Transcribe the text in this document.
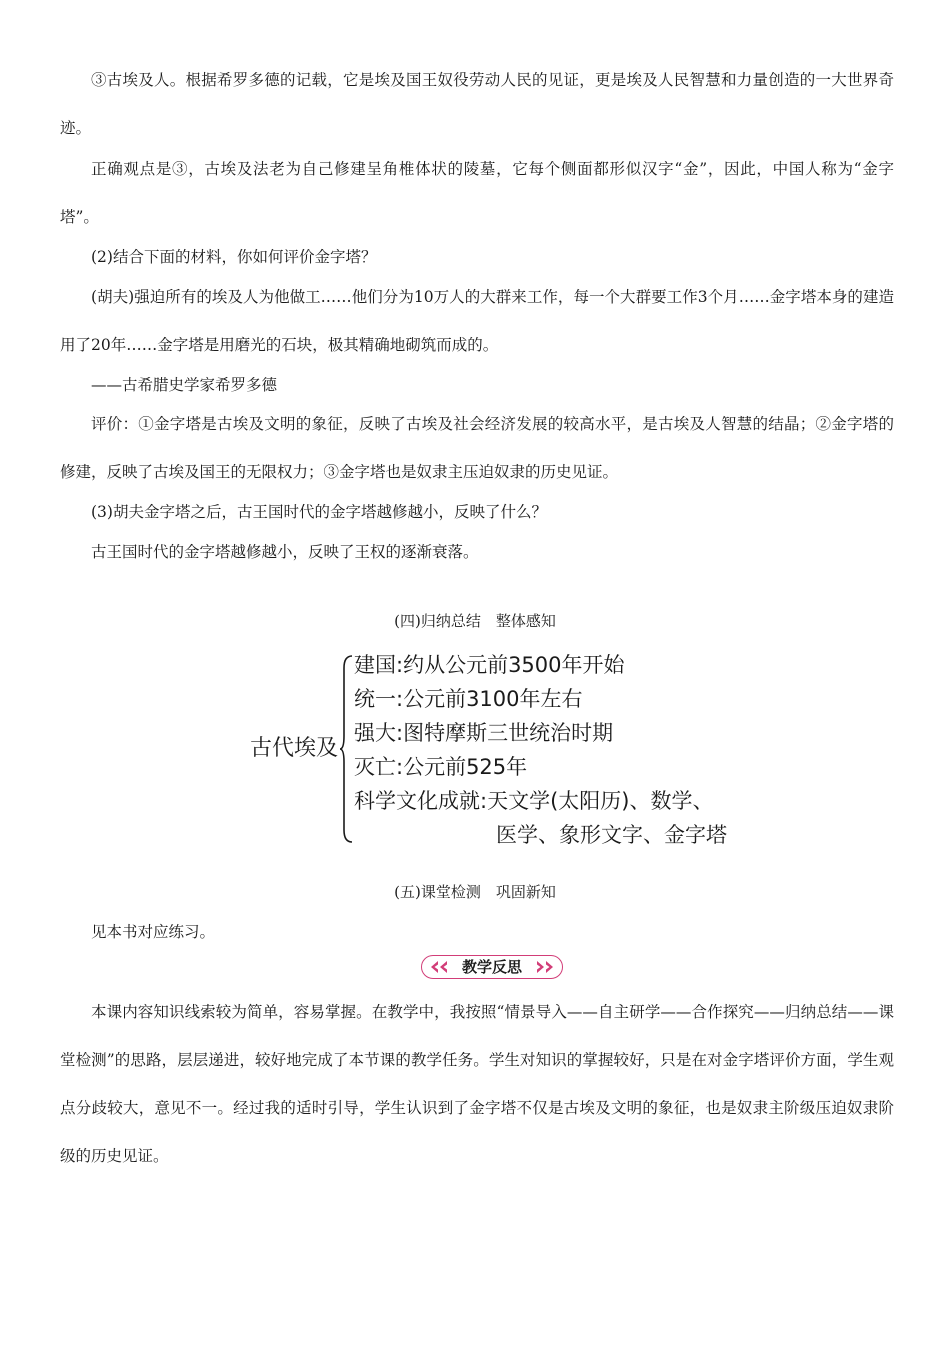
③古埃及人。根据希罗多德的记载，它是埃及国王奴役劳动人民的见证，更是埃及人民智慧和力量创造的一大世界奇迹。

正确观点是③，古埃及法老为自己修建呈角椎体状的陵墓，它每个侧面都形似汉字“金”，因此，中国人称为“金字塔”。

(2)结合下面的材料，你如何评价金字塔？

(胡夫)强迫所有的埃及人为他做工……他们分为10万人的大群来工作，每一个大群要工作3个月……金字塔本身的建造用了20年……金字塔是用磨光的石块，极其精确地砌筑而成的。

——古希腊史学家希罗多德

评价：①金字塔是古埃及文明的象征，反映了古埃及社会经济发展的较高水平，是古埃及人智慧的结晶；②金字塔的修建，反映了古埃及国王的无限权力；③金字塔也是奴隶主压迫奴隶的历史见证。

(3)胡夫金字塔之后，古王国时代的金字塔越修越小，反映了什么？

古王国时代的金字塔越修越小，反映了王权的逐渐衰落。

(四)归纳总结　整体感知

古代埃及
建国:约从公元前3500年开始
统一:公元前3100年左右
强大:图特摩斯三世统治时期
灭亡:公元前525年
科学文化成就:天文学(太阳历)、数学、
医学、象形文字、金字塔

(五)课堂检测　巩固新知

见本书对应练习。

教学反思

本课内容知识线索较为简单，容易掌握。在教学中，我按照“情景导入——自主研学——合作探究——归纳总结——课堂检测”的思路，层层递进，较好地完成了本节课的教学任务。学生对知识的掌握较好，只是在对金字塔评价方面，学生观点分歧较大，意见不一。经过我的适时引导，学生认识到了金字塔不仅是古埃及文明的象征，也是奴隶主阶级压迫奴隶阶级的历史见证。
